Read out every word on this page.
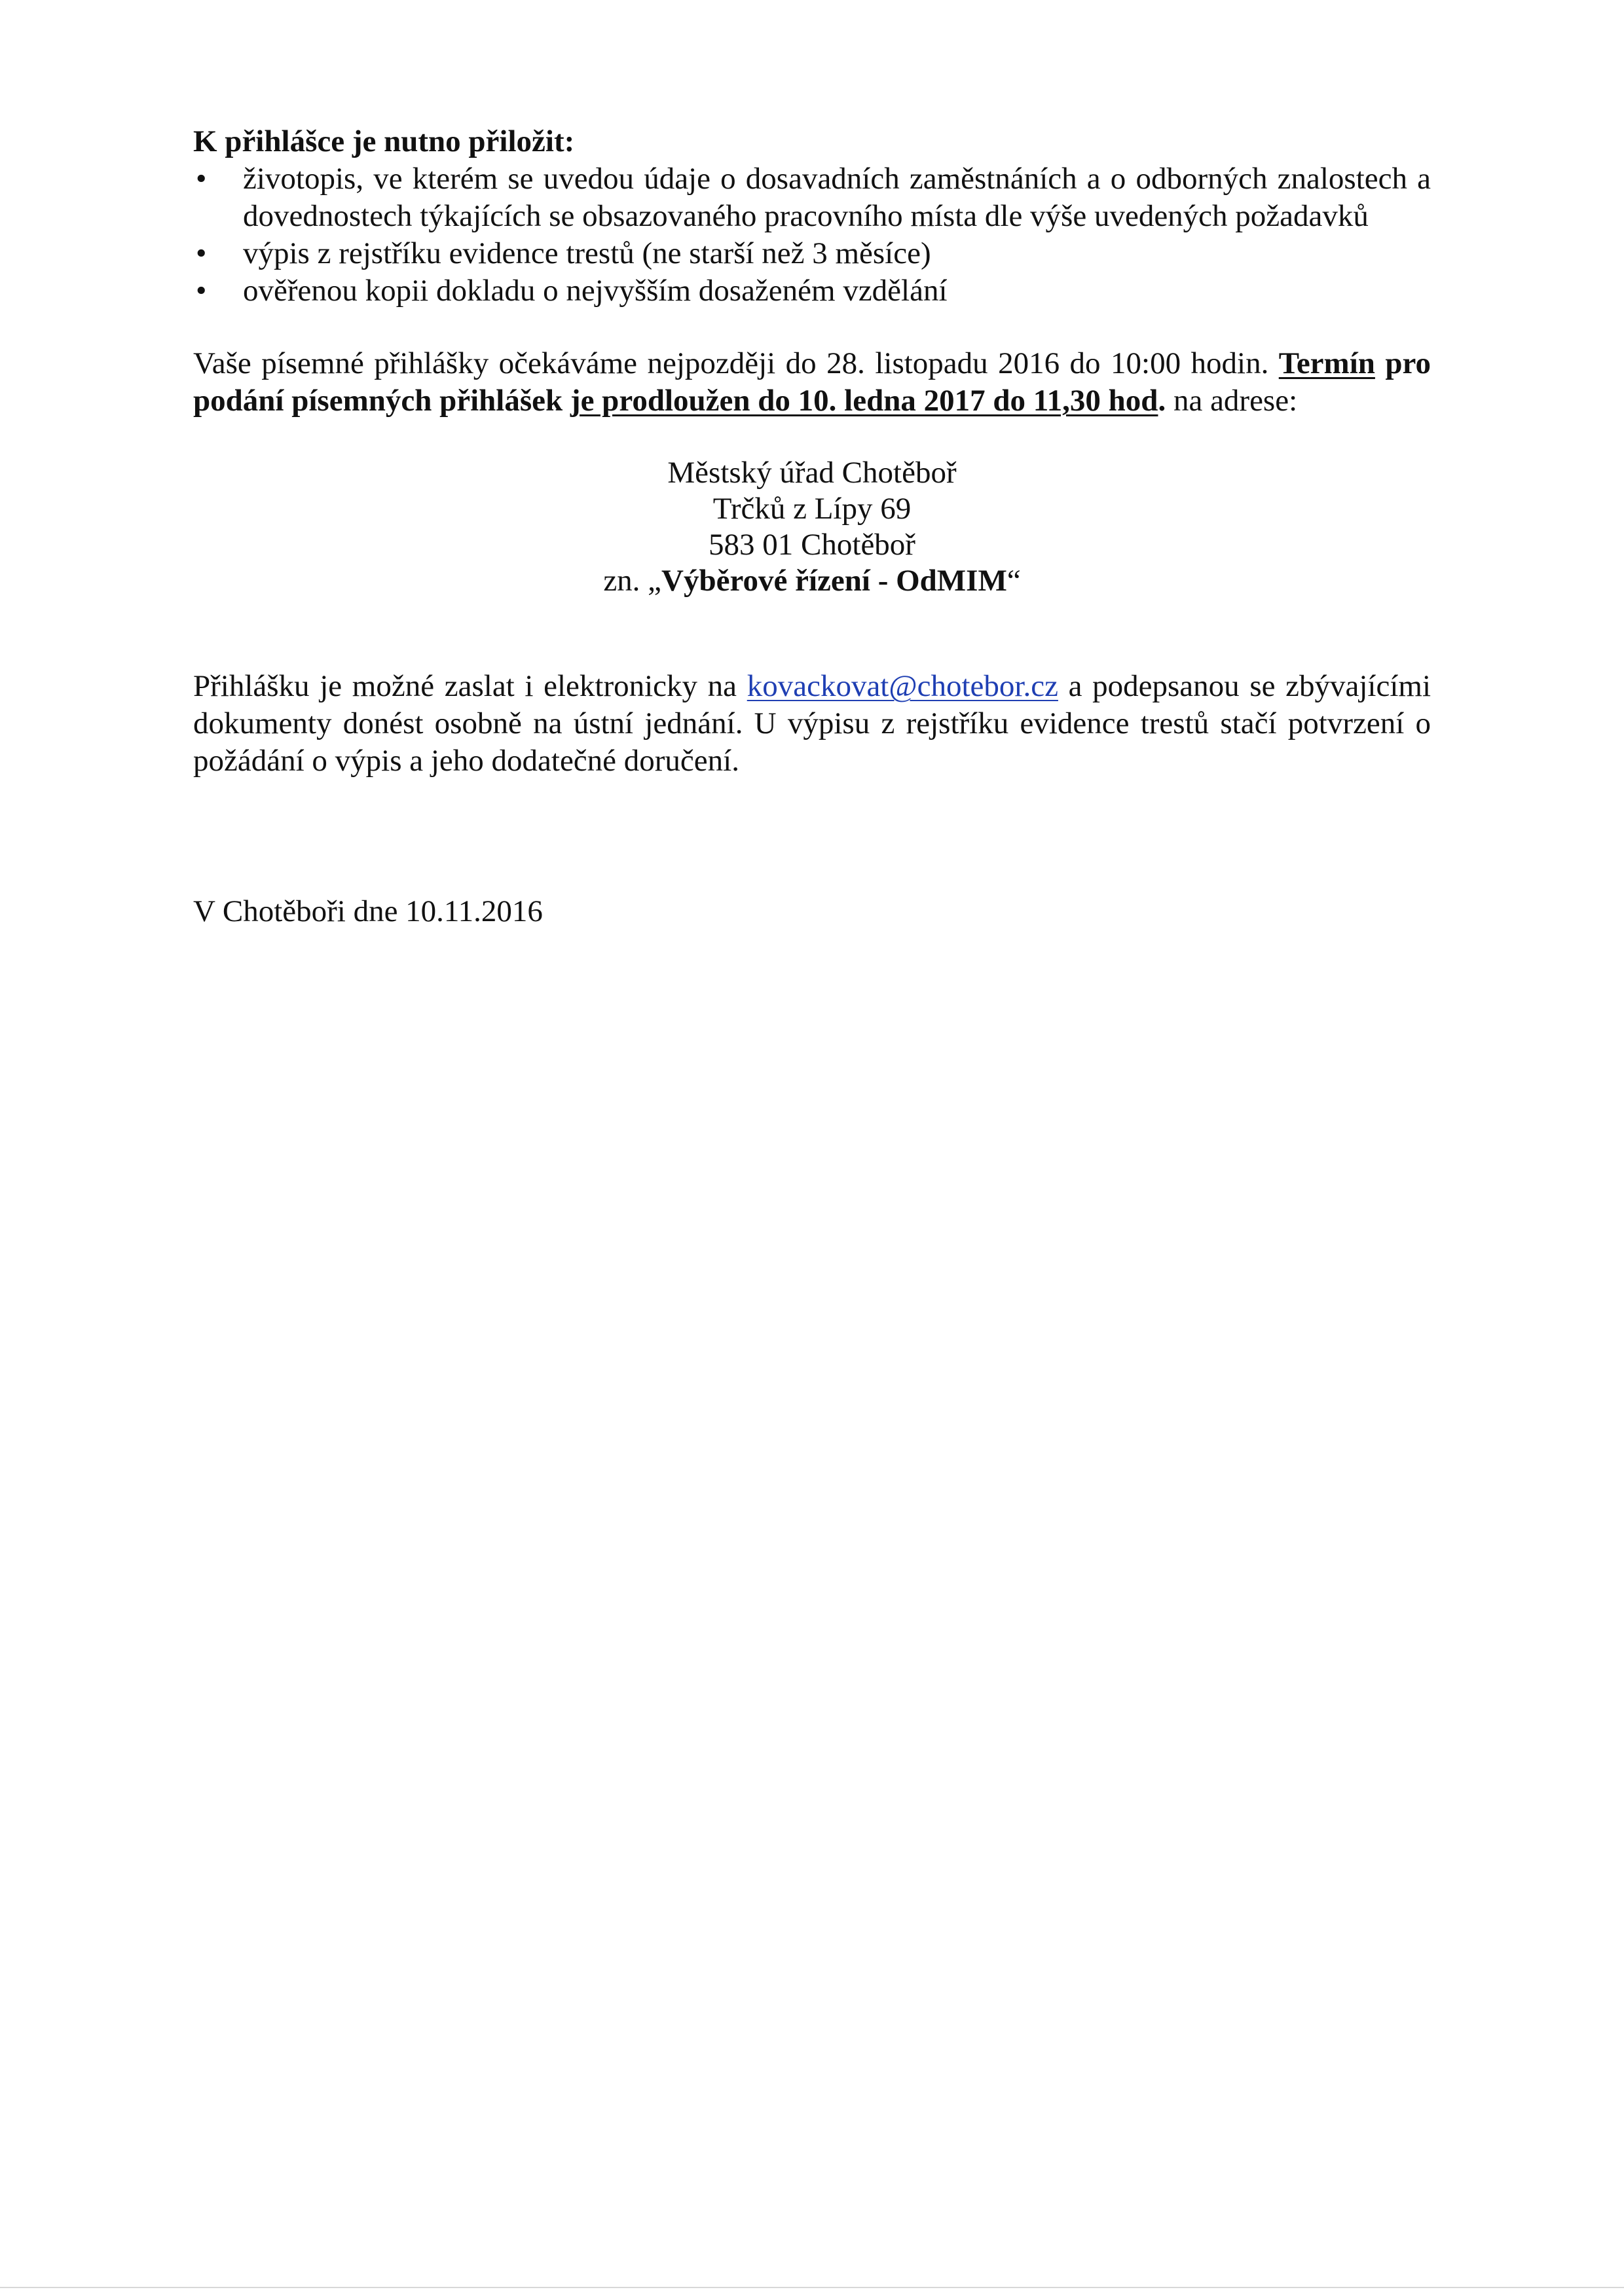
K přihlášce je nutno přiložit:

•	životopis, ve kterém se uvedou údaje o dosavadních zaměstnáních a o odborných znalostech a dovednostech týkajících se obsazovaného pracovního místa dle výše uvedených požadavků
•	výpis z rejstříku evidence trestů (ne starší než 3 měsíce)
•	ověřenou kopii dokladu o nejvyšším dosaženém vzdělání

Vaše písemné přihlášky očekáváme nejpozději do 28. listopadu 2016 do 10:00 hodin. Termín pro podání písemných přihlášek je prodloužen do 10. ledna 2017 do 11,30 hod. na adrese:

Městský úřad Chotěboř
Trčků z Lípy 69
583 01 Chotěboř
zn. „Výběrové řízení - OdMIM“

Přihlášku je možné zaslat i elektronicky na kovackovat@chotebor.cz a podepsanou se zbývajícími dokumenty donést osobně na ústní jednání. U výpisu z rejstříku evidence trestů stačí potvrzení o požádání o výpis a jeho dodatečné doručení.

V Chotěboři dne 10.11.2016
